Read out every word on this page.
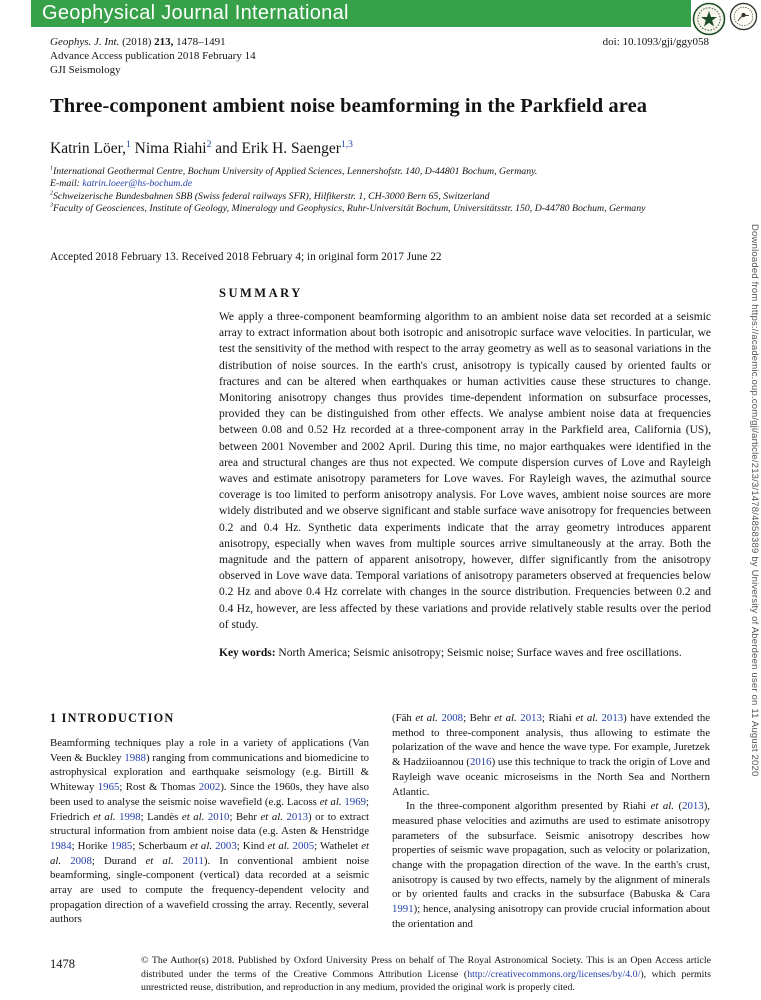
Geophysical Journal International
Geophys. J. Int. (2018) 213, 1478–1491	doi: 10.1093/gji/ggy058
Advance Access publication 2018 February 14
GJI Seismology
Three-component ambient noise beamforming in the Parkfield area
Katrin Löer,$^1$ Nima Riahi$^2$ and Erik H. Saenger$^{1,3}$
$^1$International Geothermal Centre, Bochum University of Applied Sciences, Lennershofstr. 140, D-44801 Bochum, Germany.
E-mail: katrin.loeer@hs-bochum.de
$^2$Schweizerische Bundesbahnen SBB (Swiss federal railways SFR), Hilfikerstr. 1, CH-3000 Bern 65, Switzerland
$^3$Faculty of Geosciences, Institute of Geology, Mineralogy und Geophysics, Ruhr-Universität Bochum, Universitätsstr. 150, D-44780 Bochum, Germany
Accepted 2018 February 13. Received 2018 February 4; in original form 2017 June 22
SUMMARY
We apply a three-component beamforming algorithm to an ambient noise data set recorded at a seismic array to extract information about both isotropic and anisotropic surface wave velocities. In particular, we test the sensitivity of the method with respect to the array geometry as well as to seasonal variations in the distribution of noise sources. In the earth's crust, anisotropy is typically caused by oriented faults or fractures and can be altered when earthquakes or human activities cause these structures to change. Monitoring anisotropy changes thus provides time-dependent information on subsurface processes, provided they can be distinguished from other effects. We analyse ambient noise data at frequencies between 0.08 and 0.52 Hz recorded at a three-component array in the Parkfield area, California (US), between 2001 November and 2002 April. During this time, no major earthquakes were identified in the area and structural changes are thus not expected. We compute dispersion curves of Love and Rayleigh waves and estimate anisotropy parameters for Love waves. For Rayleigh waves, the azimuthal source coverage is too limited to perform anisotropy analysis. For Love waves, ambient noise sources are more widely distributed and we observe significant and stable surface wave anisotropy for frequencies between 0.2 and 0.4 Hz. Synthetic data experiments indicate that the array geometry introduces apparent anisotropy, especially when waves from multiple sources arrive simultaneously at the array. Both the magnitude and the pattern of apparent anisotropy, however, differ significantly from the anisotropy observed in Love wave data. Temporal variations of anisotropy parameters observed at frequencies below 0.2 Hz and above 0.4 Hz correlate with changes in the source distribution. Frequencies between 0.2 and 0.4 Hz, however, are less affected by these variations and provide relatively stable results over the period of study.
Key words: North America; Seismic anisotropy; Seismic noise; Surface waves and free oscillations.
1 INTRODUCTION

Beamforming techniques play a role in a variety of applications (Van Veen & Buckley 1988) ranging from communications and biomedicine to astrophysical exploration and earthquake seismology (e.g. Birtill & Whiteway 1965; Rost & Thomas 2002). Since the 1960s, they have also been used to analyse the seismic noise wavefield (e.g. Lacoss et al. 1969; Friedrich et al. 1998; Landès et al. 2010; Behr et al. 2013) or to extract structural information from ambient noise data (e.g. Asten & Henstridge 1984; Horike 1985; Scherbaum et al. 2003; Kind et al. 2005; Wathelet et al. 2008; Durand et al. 2011). In conventional ambient noise beamforming, single-component (vertical) data recorded at a seismic array are used to compute the frequency-dependent velocity and propagation direction of a wavefield crossing the array. Recently, several authors

(Fäh et al. 2008; Behr et al. 2013; Riahi et al. 2013) have extended the method to three-component analysis, thus allowing to estimate the polarization of the wave and hence the wave type. For example, Juretzek & Hadziioannou (2016) use this technique to track the origin of Love and Rayleigh wave oceanic microseisms in the North Sea and Northern Atlantic.

In the three-component algorithm presented by Riahi et al. (2013), measured phase velocities and azimuths are used to estimate anisotropy parameters of the subsurface. Seismic anisotropy describes how properties of seismic wave propagation, such as velocity or polarization, change with the propagation direction of the wave. In the earth's crust, anisotropy is caused by two effects, namely by the alignment of minerals or by oriented faults and cracks in the subsurface (Babuska & Cara 1991); hence, analysing anisotropy can provide crucial information about the orientation and

1478	© The Author(s) 2018. Published by Oxford University Press on behalf of The Royal Astronomical Society. This is an Open Access article distributed under the terms of the Creative Commons Attribution License (http://creativecommons.org/licenses/by/4.0/), which permits unrestricted reuse, distribution, and reproduction in any medium, provided the original work is properly cited.
Downloaded from https://academic.oup.com/gji/article/213/3/1478/4858389 by University of Aberdeen user on 11 August 2020
